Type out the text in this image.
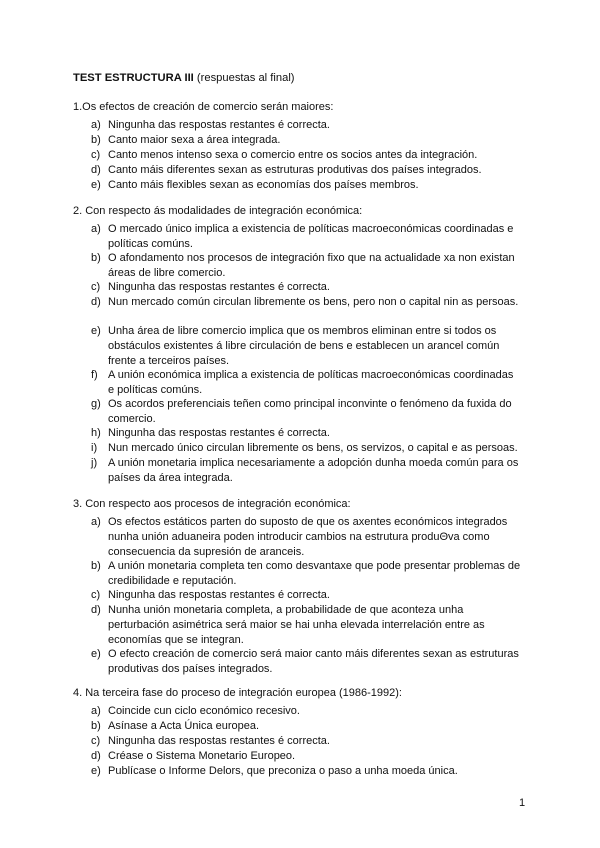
TEST ESTRUCTURA III (respuestas al final)
1.Os efectos de creación de comercio serán maiores:
a) Ningunha das respostas restantes é correcta.
b) Canto maior sexa a área integrada.
c) Canto menos intenso sexa o comercio entre os socios antes da integración.
d) Canto máis diferentes sexan as estruturas produtivas dos países integrados.
e) Canto máis flexibles sexan as economías dos países membros.
2. Con respecto ás modalidades de integración económica:
a) O mercado único implica a existencia de políticas macroeconómicas coordinadas e políticas comúns.
b) O afondamento nos procesos de integración fixo que na actualidade xa non existan áreas de libre comercio.
c) Ningunha das respostas restantes é correcta.
d) Nun mercado común circulan libremente os bens, pero non o capital nin as persoas.
e) Unha área de libre comercio implica que os membros eliminan entre si todos os obstáculos existentes á libre circulación de bens e establecen un arancel común frente a terceiros países.
f) A unión económica implica a existencia de políticas macroeconómicas coordinadas e políticas comúns.
g) Os acordos preferenciais teñen como principal inconvinte o fenómeno da fuxida do comercio.
h) Ningunha das respostas restantes é correcta.
i) Nun mercado único circulan libremente os bens, os servizos, o capital e as persoas.
j) A unión monetaria implica necesariamente a adopción dunha moeda común para os países da área integrada.
3. Con respecto aos procesos de integración económica:
a) Os efectos estáticos parten do suposto de que os axentes económicos integrados nunha unión aduaneira poden introducir cambios na estrutura produΘva como consecuencia da supresión de aranceis.
b) A unión monetaria completa ten como desvantaxe que pode presentar problemas de credibilidade e reputación.
c) Ningunha das respostas restantes é correcta.
d) Nunha unión monetaria completa, a probabilidade de que aconteza unha perturbación asimétrica será maior se hai unha elevada interrelación entre as economías que se integran.
e) O efecto creación de comercio será maior canto máis diferentes sexan as estruturas produtivas dos países integrados.
4. Na terceira fase do proceso de integración europea (1986-1992):
a) Coincide cun ciclo económico recesivo.
b) Asínase a Acta Única europea.
c) Ningunha das respostas restantes é correcta.
d) Créase o Sistema Monetario Europeo.
e) Publícase o Informe Delors, que preconiza o paso a unha moeda única.
1
